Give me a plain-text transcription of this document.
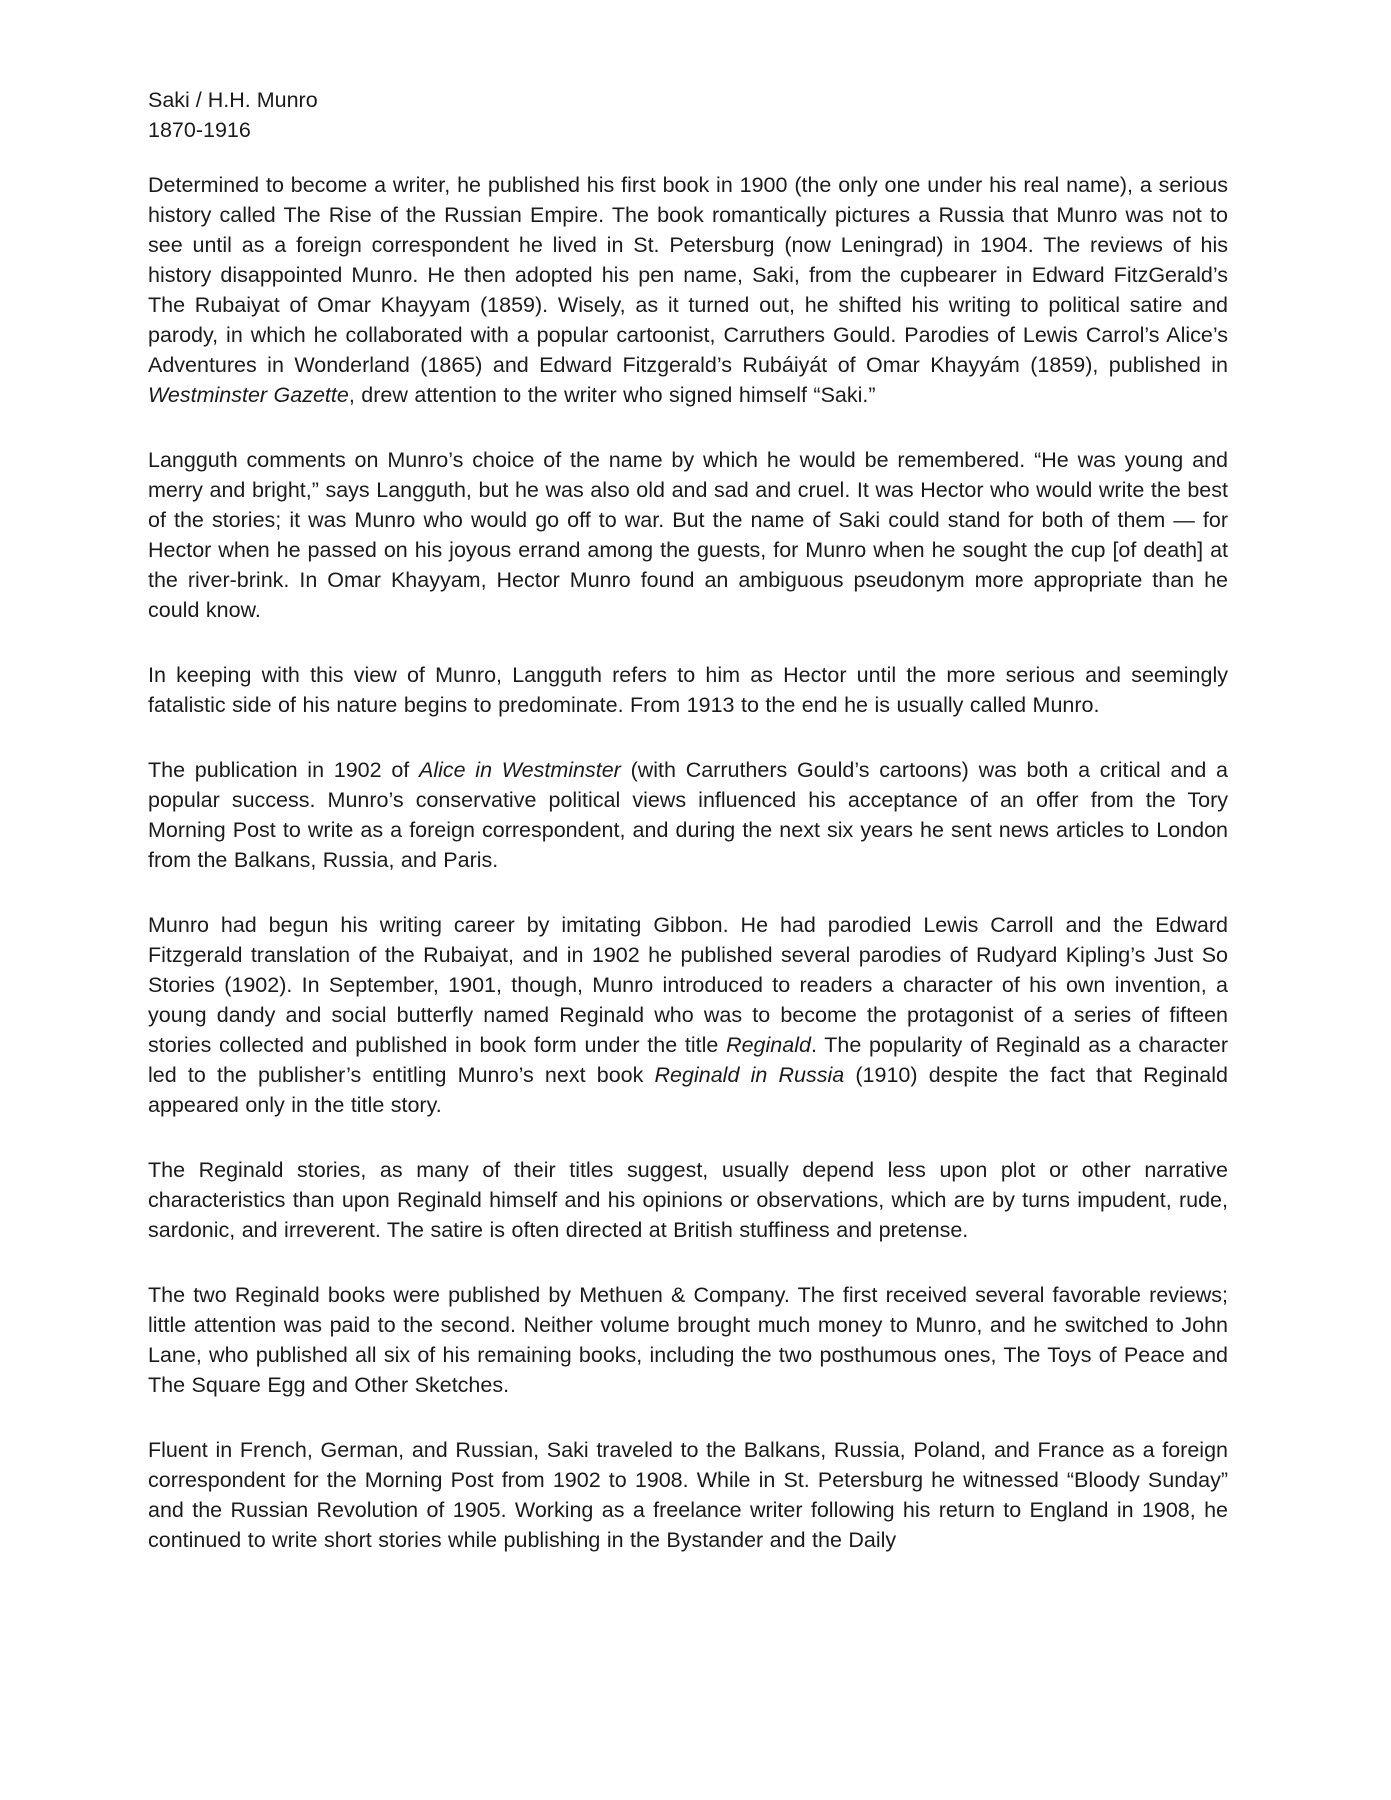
Saki / H.H. Munro
1870-1916

Determined to become a writer, he published his first book in 1900 (the only one under his real name), a serious history called The Rise of the Russian Empire. The book romantically pictures a Russia that Munro was not to see until as a foreign correspondent he lived in St. Petersburg (now Leningrad) in 1904. The reviews of his history disappointed Munro. He then adopted his pen name, Saki, from the cupbearer in Edward FitzGerald’s The Rubaiyat of Omar Khayyam (1859). Wisely, as it turned out, he shifted his writing to political satire and parody, in which he collaborated with a popular cartoonist, Carruthers Gould. Parodies of Lewis Carrol’s Alice’s Adventures in Wonderland (1865) and Edward Fitzgerald’s Rubáiyát of Omar Khayyám (1859), published in Westminster Gazette, drew attention to the writer who signed himself “Saki.”

Langguth comments on Munro’s choice of the name by which he would be remembered. “He was young and merry and bright,” says Langguth, but he was also old and sad and cruel. It was Hector who would write the best of the stories; it was Munro who would go off to war. But the name of Saki could stand for both of them — for Hector when he passed on his joyous errand among the guests, for Munro when he sought the cup [of death] at the river-brink. In Omar Khayyam, Hector Munro found an ambiguous pseudonym more appropriate than he could know.

In keeping with this view of Munro, Langguth refers to him as Hector until the more serious and seemingly fatalistic side of his nature begins to predominate. From 1913 to the end he is usually called Munro.

The publication in 1902 of Alice in Westminster (with Carruthers Gould’s cartoons) was both a critical and a popular success. Munro’s conservative political views influenced his acceptance of an offer from the Tory Morning Post to write as a foreign correspondent, and during the next six years he sent news articles to London from the Balkans, Russia, and Paris.

Munro had begun his writing career by imitating Gibbon. He had parodied Lewis Carroll and the Edward Fitzgerald translation of the Rubaiyat, and in 1902 he published several parodies of Rudyard Kipling’s Just So Stories (1902). In September, 1901, though, Munro introduced to readers a character of his own invention, a young dandy and social butterfly named Reginald who was to become the protagonist of a series of fifteen stories collected and published in book form under the title Reginald. The popularity of Reginald as a character led to the publisher’s entitling Munro’s next book Reginald in Russia (1910) despite the fact that Reginald appeared only in the title story.

The Reginald stories, as many of their titles suggest, usually depend less upon plot or other narrative characteristics than upon Reginald himself and his opinions or observations, which are by turns impudent, rude, sardonic, and irreverent. The satire is often directed at British stuffiness and pretense.

The two Reginald books were published by Methuen & Company. The first received several favorable reviews; little attention was paid to the second. Neither volume brought much money to Munro, and he switched to John Lane, who published all six of his remaining books, including the two posthumous ones, The Toys of Peace and The Square Egg and Other Sketches.

Fluent in French, German, and Russian, Saki traveled to the Balkans, Russia, Poland, and France as a foreign correspondent for the Morning Post from 1902 to 1908. While in St. Petersburg he witnessed “Bloody Sunday” and the Russian Revolution of 1905. Working as a freelance writer following his return to England in 1908, he continued to write short stories while publishing in the Bystander and the Daily
